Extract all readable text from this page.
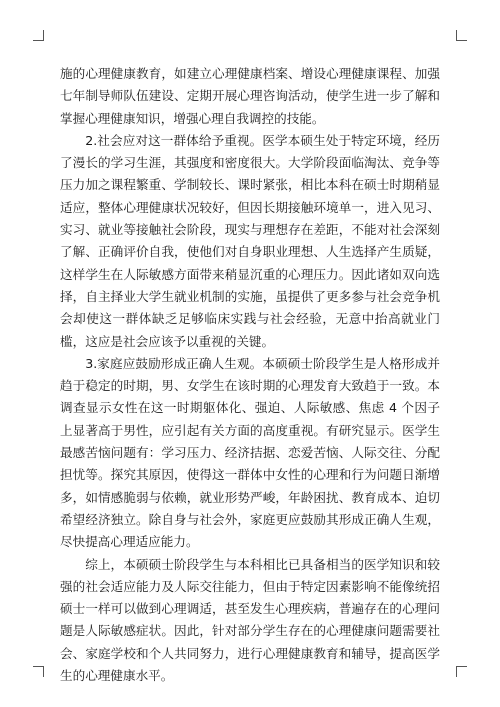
施的心理健康教育，如建立心理健康档案、增设心理健康课程、加强七年制导师队伍建设、定期开展心理咨询活动，使学生进一步了解和掌握心理健康知识，增强心理自我调控的技能。

2.社会应对这一群体给予重视。医学本硕生处于特定环境，经历了漫长的学习生涯，其强度和密度很大。大学阶段面临淘汰、竞争等压力加之课程繁重、学制较长、课时紧张，相比本科在硕士时期稍显适应，整体心理健康状况较好，但因长期接触环境单一，进入见习、实习、就业等接触社会阶段，现实与理想存在差距，不能对社会深刻了解、正确评价自我，使他们对自身职业理想、人生选择产生质疑，这样学生在人际敏感方面带来稍显沉重的心理压力。因此诸如双向选择，自主择业大学生就业机制的实施，虽提供了更多参与社会竞争机会却使这一群体缺乏足够临床实践与社会经验，无意中抬高就业门槛，这应是社会应该予以重视的关键。

3.家庭应鼓励形成正确人生观。本硕硕士阶段学生是人格形成并趋于稳定的时期，男、女学生在该时期的心理发育大致趋于一致。本调查显示女性在这一时期躯体化、强迫、人际敏感、焦虑 4 个因子上显著高于男性，应引起有关方面的高度重视。有研究显示。医学生最感苦恼问题有：学习压力、经济拮据、恋爱苦恼、人际交往、分配担忧等。探究其原因，使得这一群体中女性的心理和行为问题日渐增多，如情感脆弱与依赖，就业形势严峻，年龄困扰、教育成本、迫切希望经济独立。除自身与社会外，家庭更应鼓励其形成正确人生观，尽快提高心理适应能力。

综上，本硕硕士阶段学生与本科相比已具备相当的医学知识和较强的社会适应能力及人际交往能力，但由于特定因素影响不能像统招硕士一样可以做到心理调适，甚至发生心理疾病，普遍存在的心理问题是人际敏感症状。因此，针对部分学生存在的心理健康问题需要社会、家庭学校和个人共同努力，进行心理健康教育和辅导，提高医学生的心理健康水平。
